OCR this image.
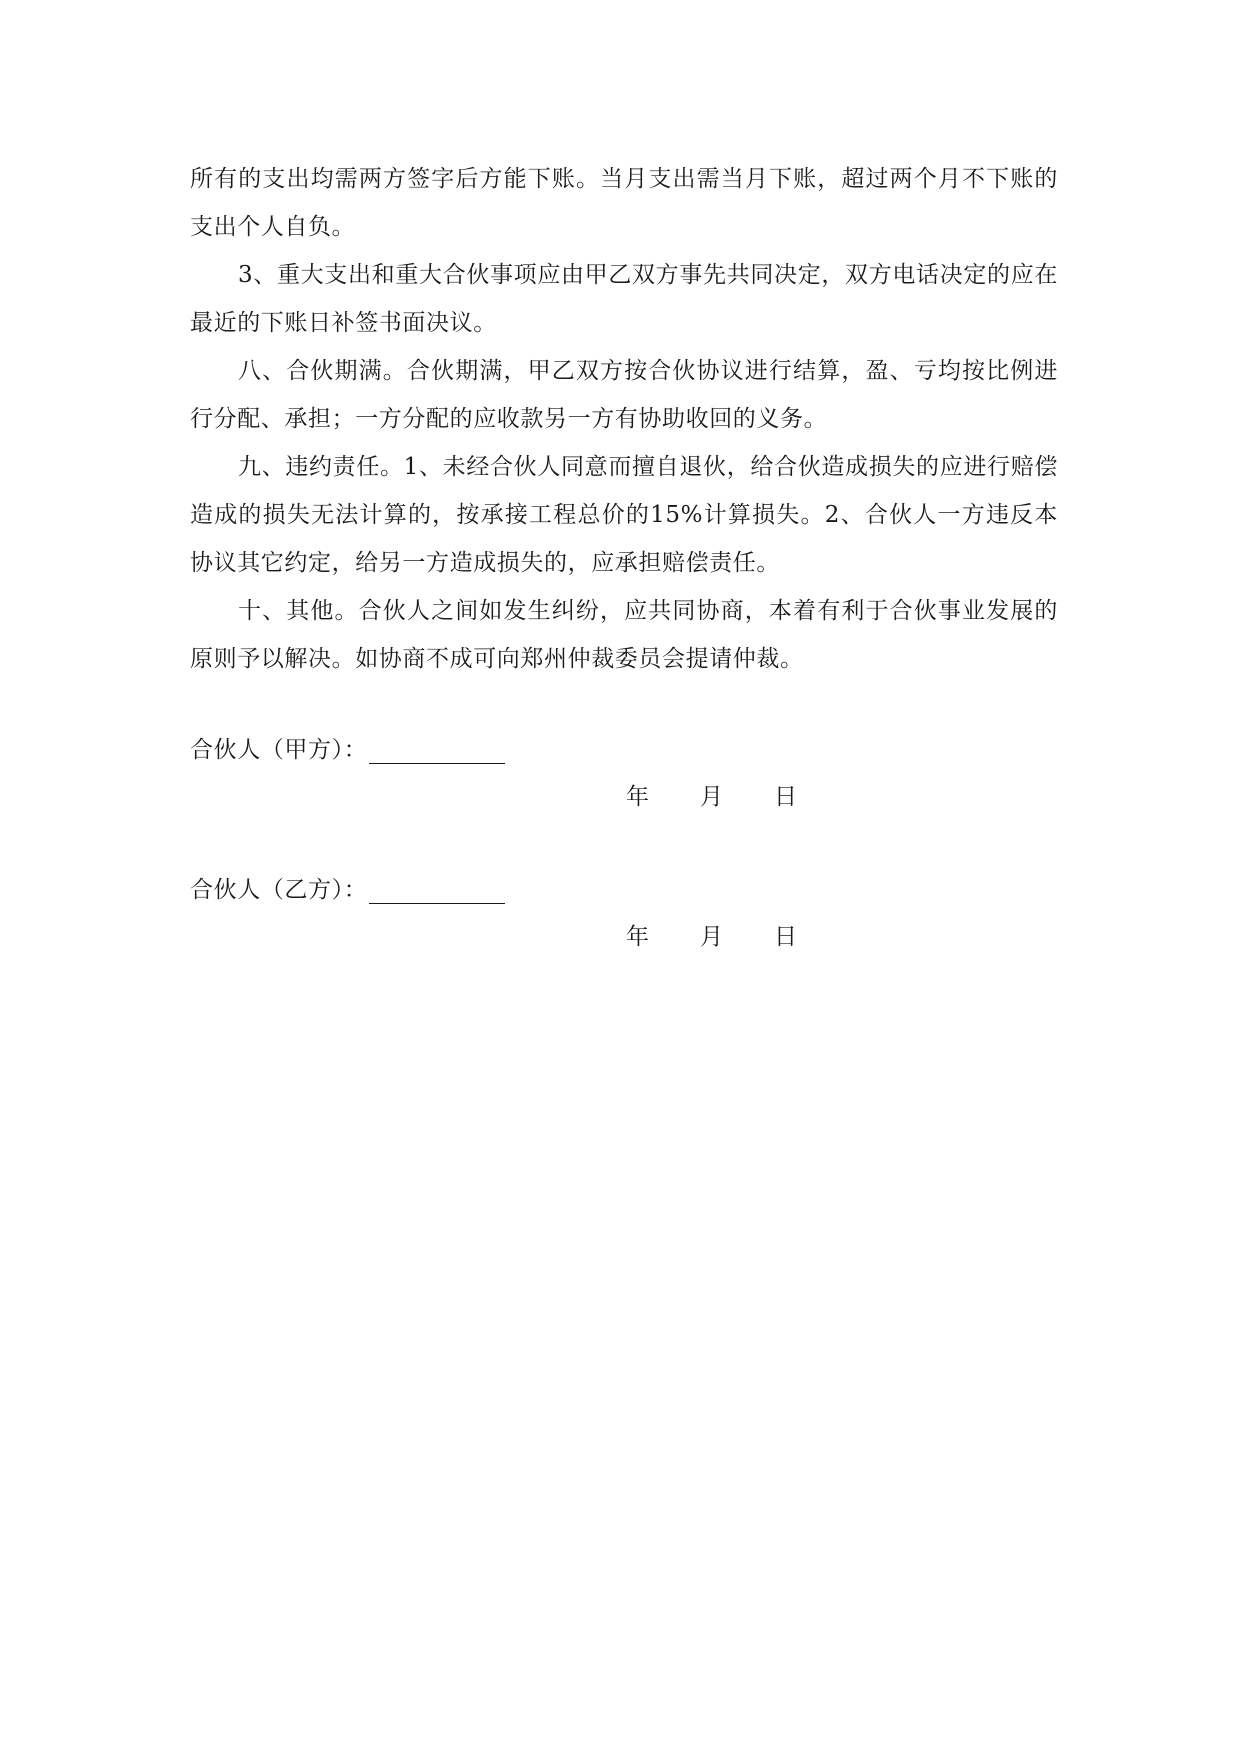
所有的支出均需两方签字后方能下账。当月支出需当月下账，超过两个月不下账的支出个人自负。

3、重大支出和重大合伙事项应由甲乙双方事先共同决定，双方电话决定的应在最近的下账日补签书面决议。

八、合伙期满。合伙期满，甲乙双方按合伙协议进行结算，盈、亏均按比例进行分配、承担；一方分配的应收款另一方有协助收回的义务。

九、违约责任。1、未经合伙人同意而擅自退伙，给合伙造成损失的应进行赔偿造成的损失无法计算的，按承接工程总价的15%计算损失。2、合伙人一方违反本协议其它约定，给另一方造成损失的，应承担赔偿责任。

十、其他。合伙人之间如发生纠纷，应共同协商，本着有利于合伙事业发展的原则予以解决。如协商不成可向郑州仲裁委员会提请仲裁。

合伙人（甲方）：
年 月 日
合伙人（乙方）：
年 月 日
